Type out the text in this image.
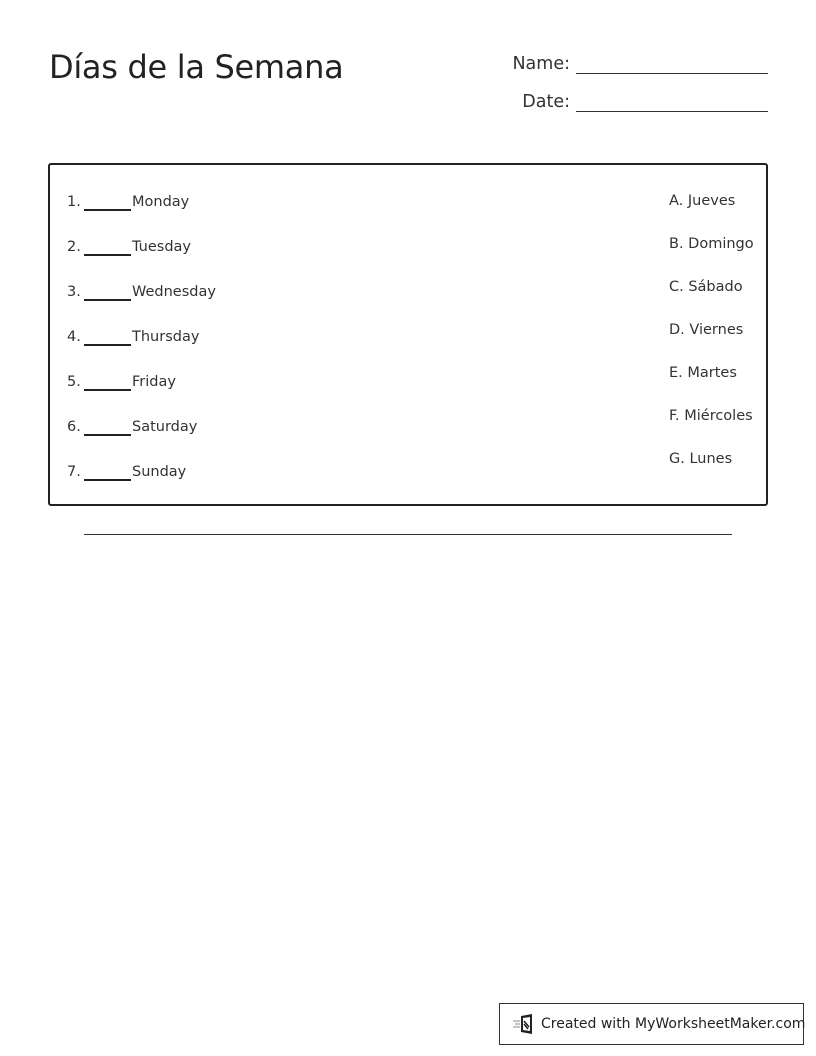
Días de la Semana	Name:
Date:
1.	Monday
2.	Tuesday
3.	Wednesday
4.	Thursday
5.	Friday
6.	Saturday
7.	Sunday
A. Jueves
B. Domingo
C. Sábado
D. Viernes
E. Martes
F. Miércoles
G. Lunes
Created with MyWorksheetMaker.com
